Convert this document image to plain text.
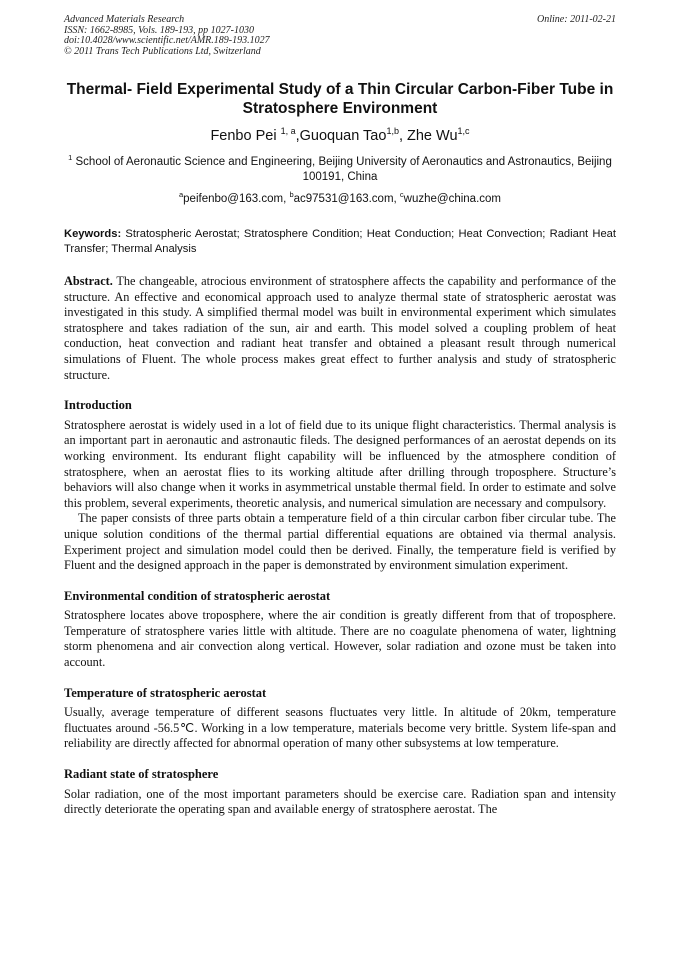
Advanced Materials Research
ISSN: 1662-8985, Vols. 189-193, pp 1027-1030
doi:10.4028/www.scientific.net/AMR.189-193.1027
© 2011 Trans Tech Publications Ltd, Switzerland
Online: 2011-02-21
Thermal- Field Experimental Study of a Thin Circular Carbon-Fiber Tube in Stratosphere Environment
Fenbo Pei $^{1, a}$,Guoquan Tao$^{1,b}$, Zhe Wu$^{1,c}$
$^1$ School of Aeronautic Science and Engineering, Beijing University of Aeronautics and Astronautics, Beijing 100191, China
$^a$peifenbo@163.com, $^b$ac97531@163.com, $^c$wuzhe@china.com
Keywords: Stratospheric Aerostat; Stratosphere Condition; Heat Conduction; Heat Convection; Radiant Heat Transfer; Thermal Analysis

Abstract. The changeable, atrocious environment of stratosphere affects the capability and performance of the structure. An effective and economical approach used to analyze thermal state of stratospheric aerostat was investigated in this study. A simplified thermal model was built in environmental experiment which simulates stratosphere and takes radiation of the sun, air and earth. This model solved a coupling problem of heat conduction, heat convection and radiant heat transfer and obtained a pleasant result through numerical simulations of Fluent. The whole process makes great effect to further analysis and study of stratospheric structure.

Introduction

Stratosphere aerostat is widely used in a lot of field due to its unique flight characteristics. Thermal analysis is an important part in aeronautic and astronautic fileds. The designed performances of an aerostat depends on its working environment. Its endurant flight capability will be influenced by the atmosphere condition of stratosphere, when an aerostat flies to its working altitude after drilling through troposphere. Structure’s behaviors will also change when it works in asymmetrical unstable thermal field. In order to estimate and solve this problem, several experiments, theoretic analysis, and numerical simulation are necessary and compulsory.

The paper consists of three parts obtain a temperature field of a thin circular carbon fiber circular tube. The unique solution conditions of the thermal partial differential equations are obtained via thermal analysis. Experiment project and simulation model could then be derived. Finally, the temperature field is verified by Fluent and the designed approach in the paper is demonstrated by environment simulation experiment.

Environmental condition of stratospheric aerostat

Stratosphere locates above troposphere, where the air condition is greatly different from that of troposphere. Temperature of stratosphere varies little with altitude. There are no coagulate phenomena of water, lightning storm phenomena and air convection along vertical. However, solar radiation and ozone must be taken into account.

Temperature of stratospheric aerostat

Usually, average temperature of different seasons fluctuates very little. In altitude of 20km, temperature fluctuates around -56.5℃. Working in a low temperature, materials become very brittle. System life-span and reliability are directly affected for abnormal operation of many other subsystems at low temperature.

Radiant state of stratosphere

Solar radiation, one of the most important parameters should be exercise care. Radiation span and intensity directly deteriorate the operating span and available energy of stratosphere aerostat. The
